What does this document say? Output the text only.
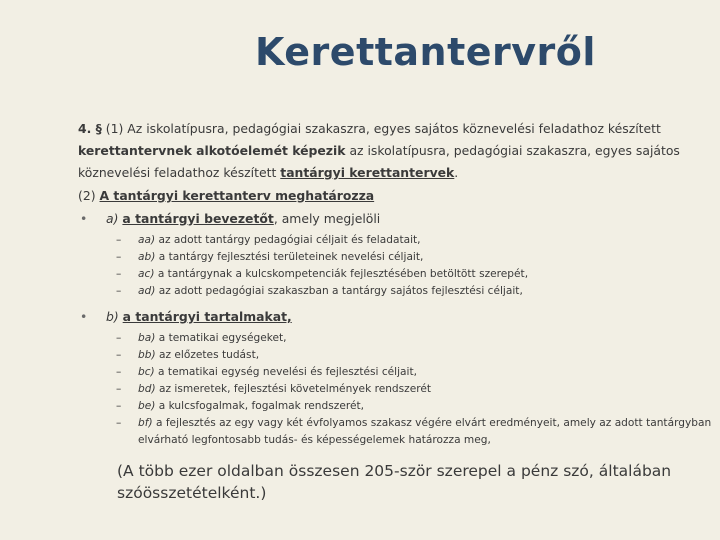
Kerettantervről

4. § (1) Az iskolatípusra, pedagógiai szakaszra, egyes sajátos köznevelési feladathoz készített kerettantervnek alkotóelemét képezik az iskolatípusra, pedagógiai szakaszra, egyes sajátos köznevelési feladathoz készített tantárgyi kerettantervek.

(2) A tantárgyi kerettanterv meghatározza

•	a) a tantárgyi bevezetőt, amely megjelöli
–	aa) az adott tantárgy pedagógiai céljait és feladatait,
–	ab) a tantárgy fejlesztési területeinek nevelési céljait,
–	ac) a tantárgynak a kulcskompetenciák fejlesztésében betöltött szerepét,
–	ad) az adott pedagógiai szakaszban a tantárgy sajátos fejlesztési céljait,
•	b) a tantárgyi tartalmakat,
–	ba) a tematikai egységeket,
–	bb) az előzetes tudást,
–	bc) a tematikai egység nevelési és fejlesztési céljait,
–	bd) az ismeretek, fejlesztési követelmények rendszerét
–	be) a kulcsfogalmak, fogalmak rendszerét,
–	bf) a fejlesztés az egy vagy két évfolyamos szakasz végére elvárt eredményeit, amely az adott tantárgyban elvárható legfontosabb tudás- és képességelemek határozza meg,
(A több ezer oldalban összesen 205-ször szerepel a pénz szó, általában szóösszetételként.)
